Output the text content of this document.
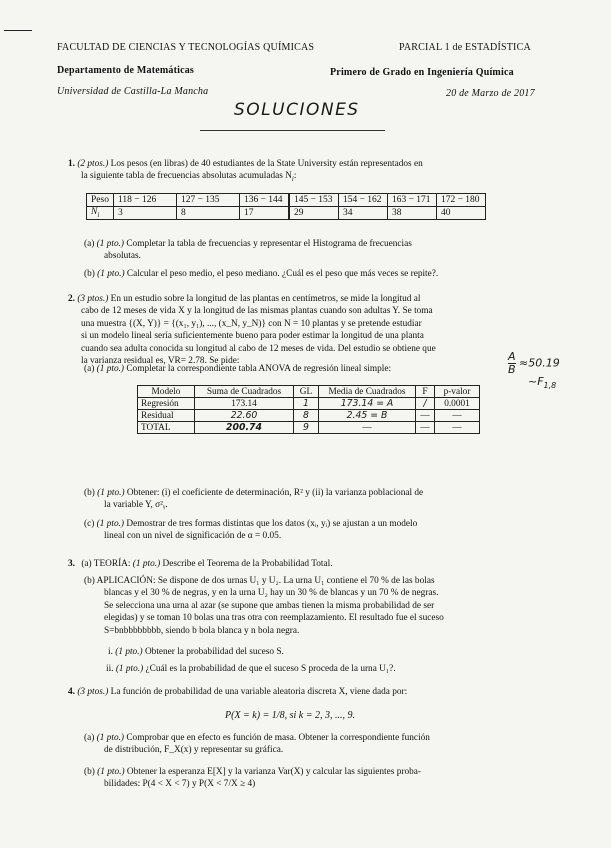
FACULTAD DE CIENCIAS Y TECNOLOGÍAS QUÍMICAS	PARCIAL 1 de ESTADÍSTICA
Departamento de Matemáticas	Primero de Grado en Ingeniería Química
Universidad de Castilla-La Mancha	20 de Marzo de 2017
SOLUCIONES
1. (2 ptos.) Los pesos (en libras) de 40 estudiantes de la State University están representados en
la siguiente tabla de frecuencias absolutas acumuladas $N_i$:
Peso	118 − 126	127 − 135	136 − 144	145 − 153	154 − 162	163 − 171	172 − 180
$N_i$	3	8	17	29	34	38	40
(a) (1 pto.) Completar la tabla de frecuencias y representar el Histograma de frecuencias
absolutas.
(b) (1 pto.) Calcular el peso medio, el peso mediano. ¿Cuál es el peso que más veces se repite?.
2. (3 ptos.) En un estudio sobre la longitud de las plantas en centímetros, se mide la longitud al
cabo de 12 meses de vida X y la longitud de las mismas plantas cuando son adultas Y. Se toma
una muestra {(X, Y)} = {(x₁, y₁), ..., (x_N, y_N)} con N = 10 plantas y se pretende estudiar
si un modelo lineal sería suficientemente bueno para poder estimar la longitud de una planta
cuando sea adulta conocida su longitud al cabo de 12 meses de vida. Del estudio se obtiene que
la varianza residual es, VR= 2.78. Se pide:
(a) (1 pto.) Completar la correspondiente tabla ANOVA de regresión lineal simple:	$\frac{A}{B} \approx 50.19$
$\sim F_{1,8}$
Modelo	Suma de Cuadrados	GL	Media de Cuadrados	F	p-valor
Regresión	173.14	1	173.14 = A	/	0.0001
Residual	22.60	8	2.45 = B	—	—
TOTAL	200.74	9	—	—	—
(b) (1 pto.) Obtener: (i) el coeficiente de determinación, R² y (ii) la varianza poblacional de
la variable Y, σ²ᵧ.
(c) (1 pto.) Demostrar de tres formas distintas que los datos (xᵢ, yᵢ) se ajustan a un modelo
lineal con un nivel de significación de α = 0.05.
3. (a) TEORÍA: (1 pto.) Describe el Teorema de la Probabilidad Total.
(b) APLICACIÓN: Se dispone de dos urnas U₁ y U₂. La urna U₁ contiene el 70 % de las bolas
blancas y el 30 % de negras, y en la urna U₂ hay un 30 % de blancas y un 70 % de negras.
Se selecciona una urna al azar (se supone que ambas tienen la misma probabilidad de ser
elegidas) y se toman 10 bolas una tras otra con reemplazamiento. El resultado fue el suceso
S=bnbbbbbbbb, siendo b bola blanca y n bola negra.
i. (1 pto.) Obtener la probabilidad del suceso S.
ii. (1 pto.) ¿Cuál es la probabilidad de que el suceso S proceda de la urna U₁?.
4. (3 ptos.) La función de probabilidad de una variable aleatoria discreta X, viene dada por:
P(X = k) = 1/8, si k = 2, 3, ..., 9.
(a) (1 pto.) Comprobar que en efecto es función de masa. Obtener la correspondiente función
de distribución, F_X(x) y representar su gráfica.
(b) (1 pto.) Obtener la esperanza E[X] y la varianza Var(X) y calcular las siguientes proba-
bilidades: P(4 < X < 7) y P(X < 7/X ≥ 4)
